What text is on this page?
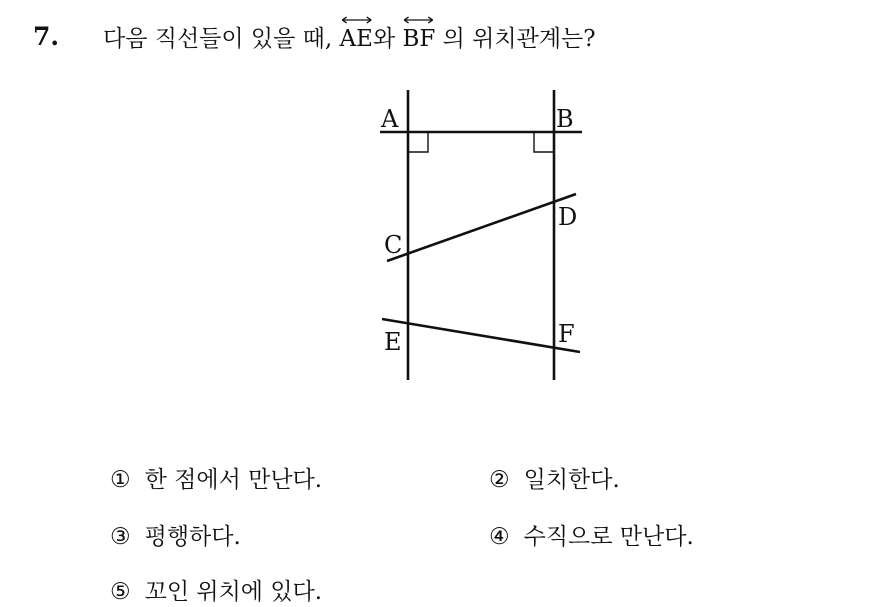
7. 다음 직선들이 있을 때,
AE와
BF 의 위치관계는?
A	B
C
D
E	F
① 한 점에서 만난다.	② 일치한다.
③ 평행하다.	④ 수직으로 만난다.
⑤ 꼬인 위치에 있다.
